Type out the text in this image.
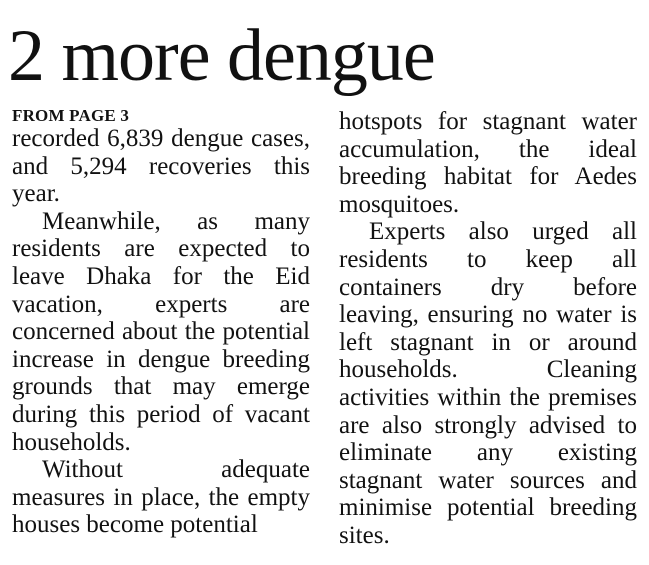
2 more dengue
FROM PAGE 3

recorded 6,839 dengue cases, and 5,294 recoveries this year.

Meanwhile, as many residents are expected to leave Dhaka for the Eid vacation, experts are concerned about the potential increase in dengue breeding grounds that may emerge during this period of vacant households.

Without adequate measures in place, the empty houses become potential

hotspots for stagnant water accumulation, the ideal breeding habitat for Aedes mosquitoes.

Experts also urged all residents to keep all containers dry before leaving, ensuring no water is left stagnant in or around households. Cleaning activities within the premises are also strongly advised to eliminate any existing stagnant water sources and minimise potential breeding sites.
